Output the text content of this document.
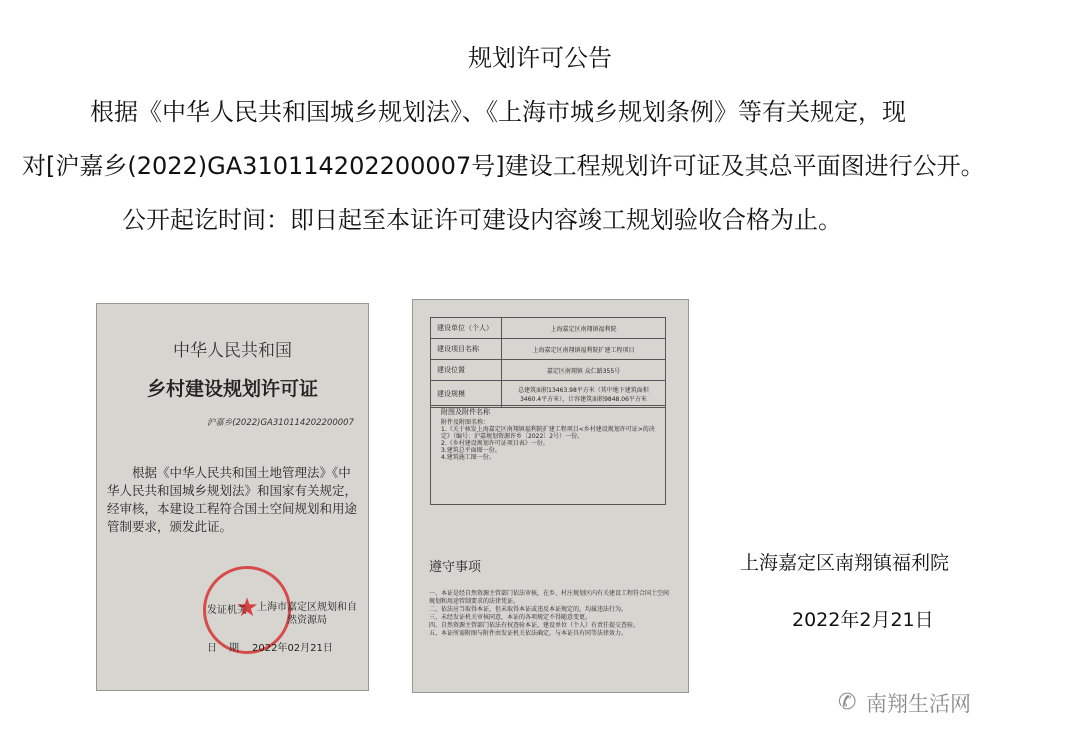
规划许可公告
根据《中华人民共和国城乡规划法》、《上海市城乡规划条例》等有关规定，现
对[沪嘉乡(2022)GA310114202200007号]建设工程规划许可证及其总平面图进行公开。
公开起讫时间：即日起至本证许可建设内容竣工规划验收合格为止。
中华人民共和国
乡村建设规划许可证
沪嘉乡(2022)GA310114202200007
根据《中华人民共和国土地管理法》《中华人民共和国城乡规划法》和国家有关规定，经审核，本建设工程符合国土空间规划和用途管制要求，颁发此证。
★
发证机关 上海市嘉定区规划和自然资源局
日期 2022年02月21日
建设单位（个人）	上海嘉定区南翔镇福利院
建设项目名称	上海嘉定区南翔镇福利院扩建工程项目
建设位置	嘉定区南翔镇 众仁路355号
建设规模	总建筑面积13463.98平方米（其中地下建筑面积3460.4平方米），计容建筑面积9848.06平方米
附图及附件名称
附件及附图名称：
1.《关于核发上海嘉定区南翔镇福利院扩建工程项目<乡村建设规划许可证>的决定》（编号：沪嘉规划资源许乡〔2022〕2号）一份。
2.《乡村建设规划许可证项目表》一份。
3.建筑总平面图一份。
4.建筑施工图一份。
遵守事项
一、本证是经自然资源主管部门依法审核，在乡、村庄规划区内有关建设工程符合国土空间规划和用途管制要求的法律凭证。
二、依法应当取得本证，但未取得本证或违反本证规定的，均属违法行为。
三、未经发证机关审核同意，本证的各项规定不得随意变更。
四、自然资源主管部门依法有权查验本证，建设单位（个人）有责任提交查验。
五、本证所需附图与附件由发证机关依法确定，与本证具有同等法律效力。
上海嘉定区南翔镇福利院
2022年2月21日
✆ 南翔生活网
